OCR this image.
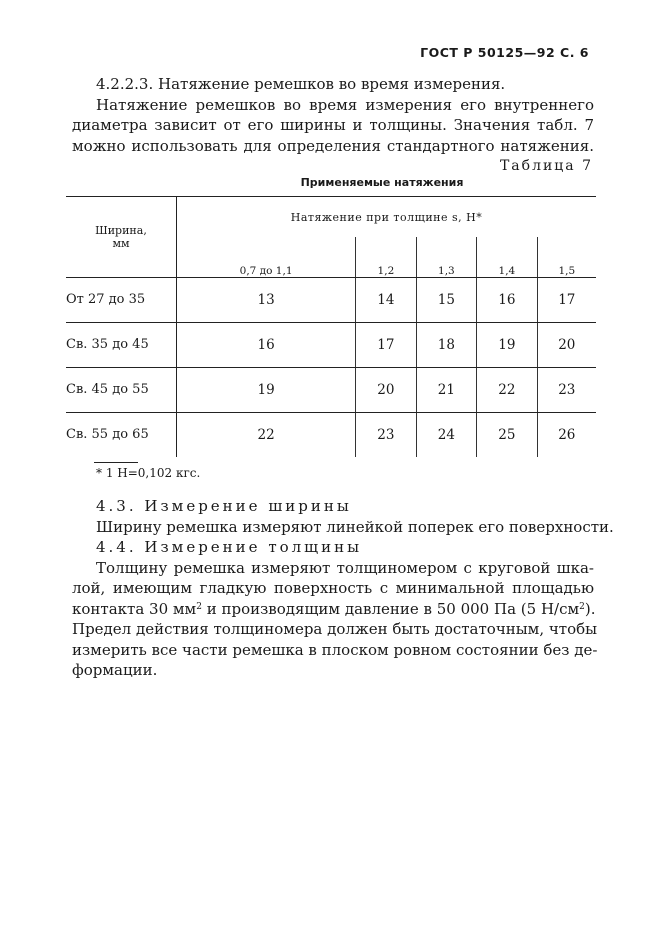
ГОСТ Р 50125—92 С. 6
4.2.2.3. Натяжение ремешков во время измерения.
Натяжение ремешков во время измерения его внутреннего
диаметра зависит от его ширины и толщины. Значения табл. 7
можно использовать для определения стандартного натяжения.
Таблица 7
Применяемые натяжения

Ширина,
мм	Натяжение при толщине s, Н*				
	0,7 до 1,1	1,2	1,3	1,4	1,5
От 27 до 35	13	14	15	16	17
Св. 35 до 45	16	17	18	19	20
Св. 45 до 55	19	20	21	22	23
Св. 55 до 65	22	23	24	25	26
* 1 Н=0,102 кгс.
4.3. Измерение ширины
Ширину ремешка измеряют линейкой поперек его поверхности.
4.4. Измерение толщины
Толщину ремешка измеряют толщиномером с круговой шка-
лой, имеющим гладкую поверхность с минимальной площадью
контакта 30 $мм^2$ и производящим давление в 50 000 Па (5 $Н/см^2$).
Предел действия толщиномера должен быть достаточным, чтобы
измерить все части ремешка в плоском ровном состоянии без де-
формации.
